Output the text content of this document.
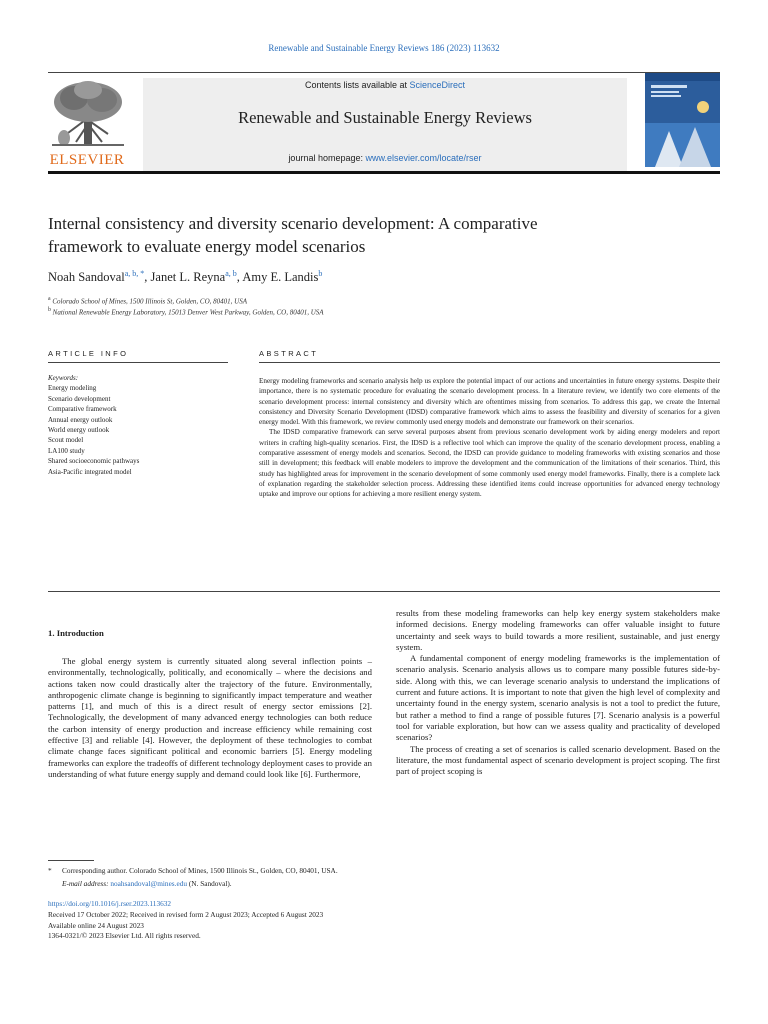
Renewable and Sustainable Energy Reviews 186 (2023) 113632
ELSEVIER
Contents lists available at ScienceDirect
Renewable and Sustainable Energy Reviews
journal homepage: www.elsevier.com/locate/rser
Internal consistency and diversity scenario development: A comparative
framework to evaluate energy model scenarios
Noah Sandoval$^{a, b, *}$, Janet L. Reyna$^{a, b}$, Amy E. Landis$^b$
$^a$ Colorado School of Mines, 1500 Illinois St, Golden, CO, 80401, USA
$^b$ National Renewable Energy Laboratory, 15013 Denver West Parkway, Golden, CO, 80401, USA
ARTICLE INFO	ABSTRACT
Keywords:
Energy modeling
Scenario development
Comparative framework
Annual energy outlook
World energy outlook
Scout model
LA100 study
Shared socioeconomic pathways
Asia-Pacific integrated model

Energy modeling frameworks and scenario analysis help us explore the potential impact of our actions and uncertainties in future energy systems. Despite their importance, there is no systematic procedure for evaluating the scenario development process. In a literature review, we identify two core elements of the scenario development process: internal consistency and diversity which are oftentimes missing from scenarios. To address this gap, we create the Internal consistency and Diversity Scenario Development (IDSD) comparative framework which aims to assess the feasibility and diversity of scenarios for a given energy model. With this framework, we review commonly used energy models and demonstrate our framework on their scenarios.

The IDSD comparative framework can serve several purposes absent from previous scenario development work by aiding energy modelers and report writers in crafting high-quality scenarios. First, the IDSD is a reflective tool which can improve the quality of the scenario development process, enabling a comparative assessment of energy models and scenarios. Second, the IDSD can provide guidance to modeling frameworks with existing scenarios and those still in development; this feedback will enable modelers to improve the development and the communication of the limitations of their scenarios. Third, this study has highlighted areas for improvement in the scenario development of some commonly used energy model frameworks. Finally, there is a complete lack of explanation regarding the stakeholder selection process. Addressing these identified items could increase opportunities for advanced energy technology uptake and improve our options for achieving a more resilient energy system.

1. Introduction

The global energy system is currently situated along several inflection points – environmentally, technologically, politically, and economically – where the decisions and actions taken now could drastically alter the trajectory of the future. Environmentally, anthropogenic climate change is beginning to significantly impact temperature and weather patterns [1], and much of this is a direct result of energy sector emissions [2]. Technologically, the development of many advanced energy technologies can both reduce the carbon intensity of energy production and increase efficiency while remaining cost effective [3] and reliable [4]. However, the deployment of these technologies to combat climate change faces significant political and economic barriers [5]. Energy modeling frameworks can explore the tradeoffs of different technology deployment cases to provide an understanding of what future energy supply and demand could look like [6]. Furthermore,

results from these modeling frameworks can help key energy system stakeholders make informed decisions. Energy modeling frameworks can offer valuable insight to future uncertainty and seek ways to build towards a more resilient, sustainable, and just energy system.

A fundamental component of energy modeling frameworks is the implementation of scenario analysis. Scenario analysis allows us to compare many possible futures side-by-side. Along with this, we can leverage scenario analysis to understand the implications of current and future actions. It is important to note that given the high level of complexity and uncertainty found in the energy system, scenario analysis is not a tool to predict the future, but rather a method to find a range of possible futures [7]. Scenario analysis is a powerful tool for variable exploration, but how can we assess quality and practicality of developed scenarios?

The process of creating a set of scenarios is called scenario development. Based on the literature, the most fundamental aspect of scenario development is project scoping. The first part of project scoping is

* Corresponding author. Colorado School of Mines, 1500 Illinois St., Golden, CO, 80401, USA.
E-mail address: noahsandoval@mines.edu (N. Sandoval).
https://doi.org/10.1016/j.rser.2023.113632
Received 17 October 2022; Received in revised form 2 August 2023; Accepted 6 August 2023
Available online 24 August 2023
1364-0321/© 2023 Elsevier Ltd. All rights reserved.
